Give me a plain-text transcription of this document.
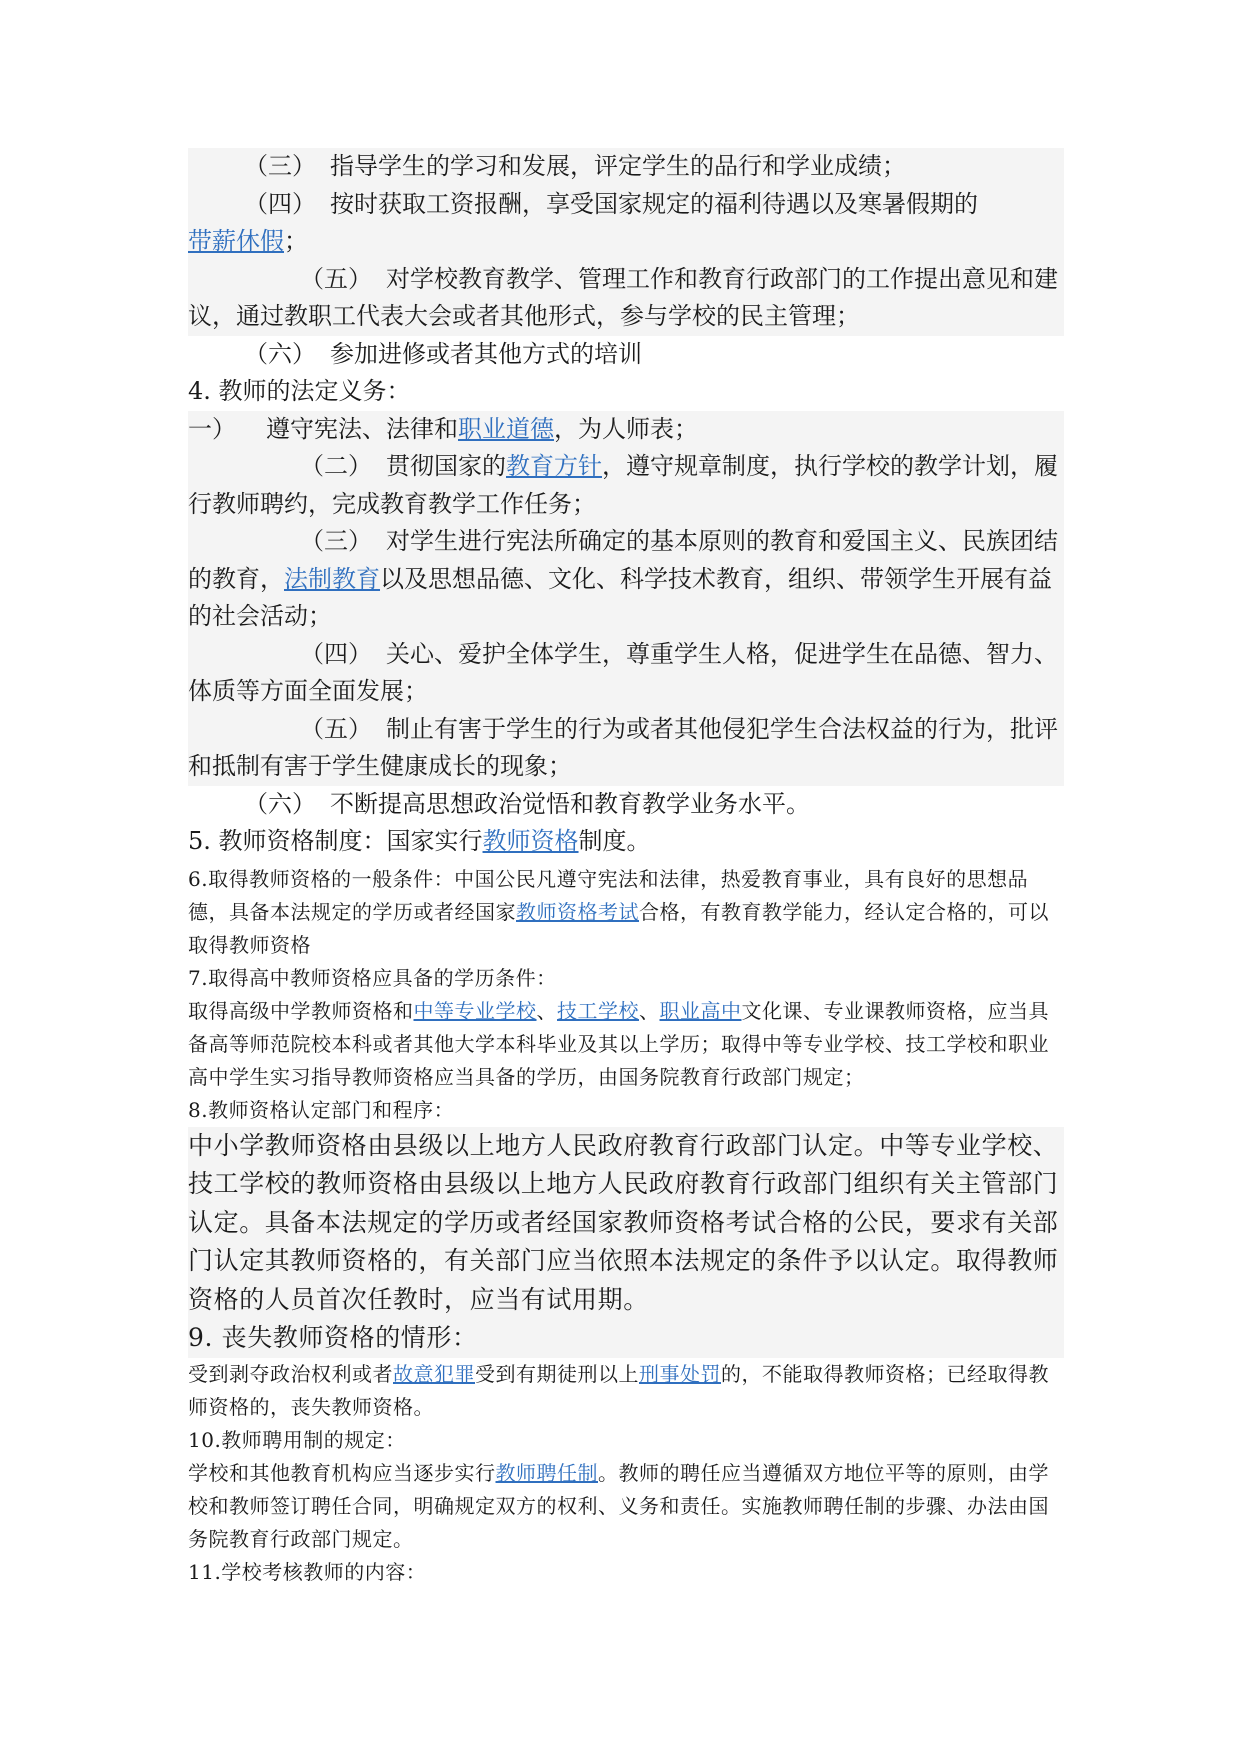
（三） 指导学生的学习和发展，评定学生的品行和学业成绩；

（四） 按时获取工资报酬，享受国家规定的福利待遇以及寒暑假期的

带薪休假；

（五） 对学校教育教学、管理工作和教育行政部门的工作提出意见和建议，通过教职工代表大会或者其他形式，参与学校的民主管理；

（六） 参加进修或者其他方式的培训

4. 教师的法定义务：

一） 遵守宪法、法律和职业道德，为人师表；

（二） 贯彻国家的教育方针，遵守规章制度，执行学校的教学计划，履行教师聘约，完成教育教学工作任务；

（三） 对学生进行宪法所确定的基本原则的教育和爱国主义、民族团结的教育，法制教育以及思想品德、文化、科学技术教育，组织、带领学生开展有益的社会活动；

（四） 关心、爱护全体学生，尊重学生人格，促进学生在品德、智力、体质等方面全面发展；

（五） 制止有害于学生的行为或者其他侵犯学生合法权益的行为，批评和抵制有害于学生健康成长的现象；

（六） 不断提高思想政治觉悟和教育教学业务水平。

5. 教师资格制度：国家实行教师资格制度。

6.取得教师资格的一般条件：中国公民凡遵守宪法和法律，热爱教育事业，具有良好的思想品德，具备本法规定的学历或者经国家教师资格考试合格，有教育教学能力，经认定合格的，可以取得教师资格

7.取得高中教师资格应具备的学历条件：

取得高级中学教师资格和中等专业学校、技工学校、职业高中文化课、专业课教师资格，应当具备高等师范院校本科或者其他大学本科毕业及其以上学历；取得中等专业学校、技工学校和职业高中学生实习指导教师资格应当具备的学历，由国务院教育行政部门规定；

8.教师资格认定部门和程序：

中小学教师资格由县级以上地方人民政府教育行政部门认定。中等专业学校、技工学校的教师资格由县级以上地方人民政府教育行政部门组织有关主管部门认定。具备本法规定的学历或者经国家教师资格考试合格的公民，要求有关部门认定其教师资格的，有关部门应当依照本法规定的条件予以认定。取得教师资格的人员首次任教时，应当有试用期。

9. 丧失教师资格的情形：

受到剥夺政治权利或者故意犯罪受到有期徒刑以上刑事处罚的，不能取得教师资格；已经取得教师资格的，丧失教师资格。

10.教师聘用制的规定：

学校和其他教育机构应当逐步实行教师聘任制。教师的聘任应当遵循双方地位平等的原则，由学校和教师签订聘任合同，明确规定双方的权利、义务和责任。实施教师聘任制的步骤、办法由国务院教育行政部门规定。

11.学校考核教师的内容：
